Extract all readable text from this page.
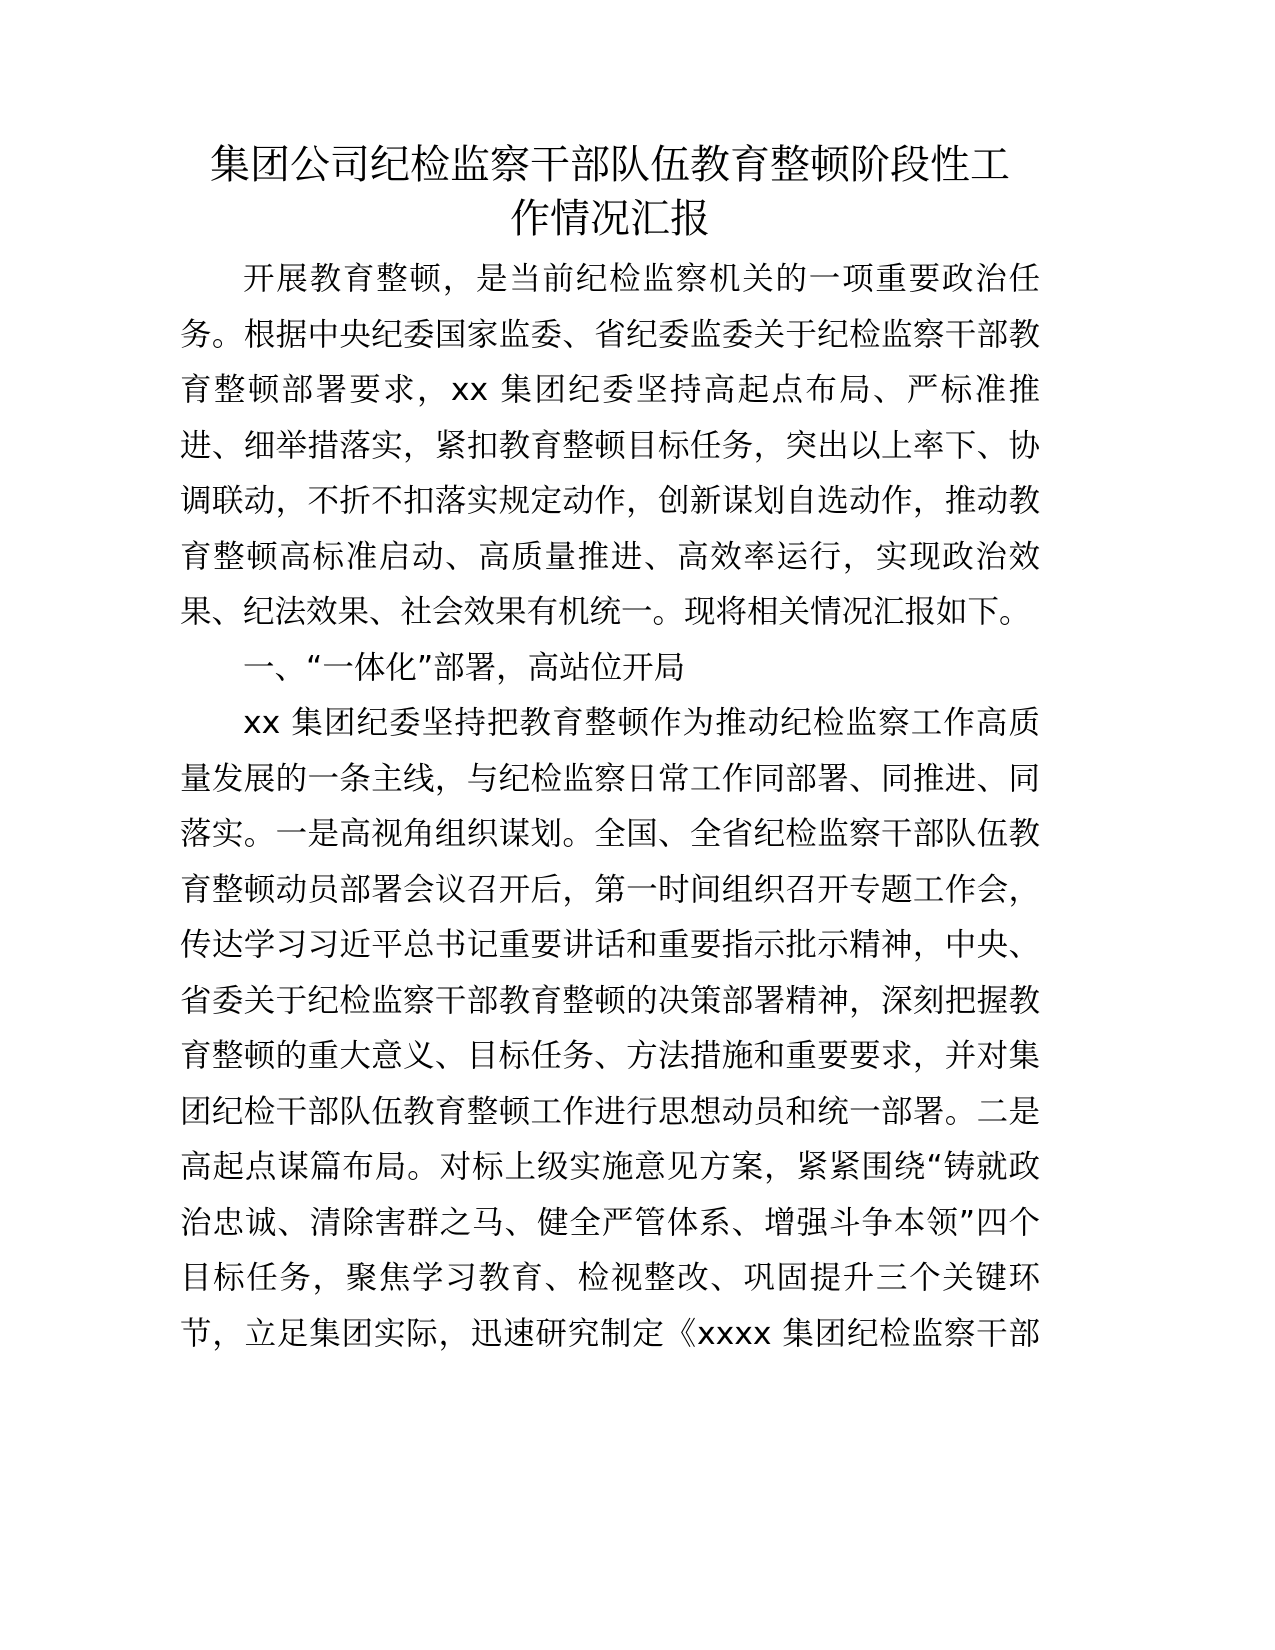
集团公司纪检监察干部队伍教育整顿阶段性工

作情况汇报

开展教育整顿，是当前纪检监察机关的一项重要政治任

务。根据中央纪委国家监委、省纪委监委关于纪检监察干部教

育整顿部署要求，xx 集团纪委坚持高起点布局、严标准推

进、细举措落实，紧扣教育整顿目标任务，突出以上率下、协

调联动，不折不扣落实规定动作，创新谋划自选动作，推动教

育整顿高标准启动、高质量推进、高效率运行，实现政治效

果、纪法效果、社会效果有机统一。现将相关情况汇报如下。

一、“一体化”部署，高站位开局

xx 集团纪委坚持把教育整顿作为推动纪检监察工作高质

量发展的一条主线，与纪检监察日常工作同部署、同推进、同

落实。一是高视角组织谋划。全国、全省纪检监察干部队伍教

育整顿动员部署会议召开后，第一时间组织召开专题工作会，

传达学习习近平总书记重要讲话和重要指示批示精神，中央、

省委关于纪检监察干部教育整顿的决策部署精神，深刻把握教

育整顿的重大意义、目标任务、方法措施和重要要求，并对集

团纪检干部队伍教育整顿工作进行思想动员和统一部署。二是

高起点谋篇布局。对标上级实施意见方案，紧紧围绕“铸就政

治忠诚、清除害群之马、健全严管体系、增强斗争本领”四个

目标任务，聚焦学习教育、检视整改、巩固提升三个关键环

节，立足集团实际，迅速研究制定《xxxx 集团纪检监察干部
